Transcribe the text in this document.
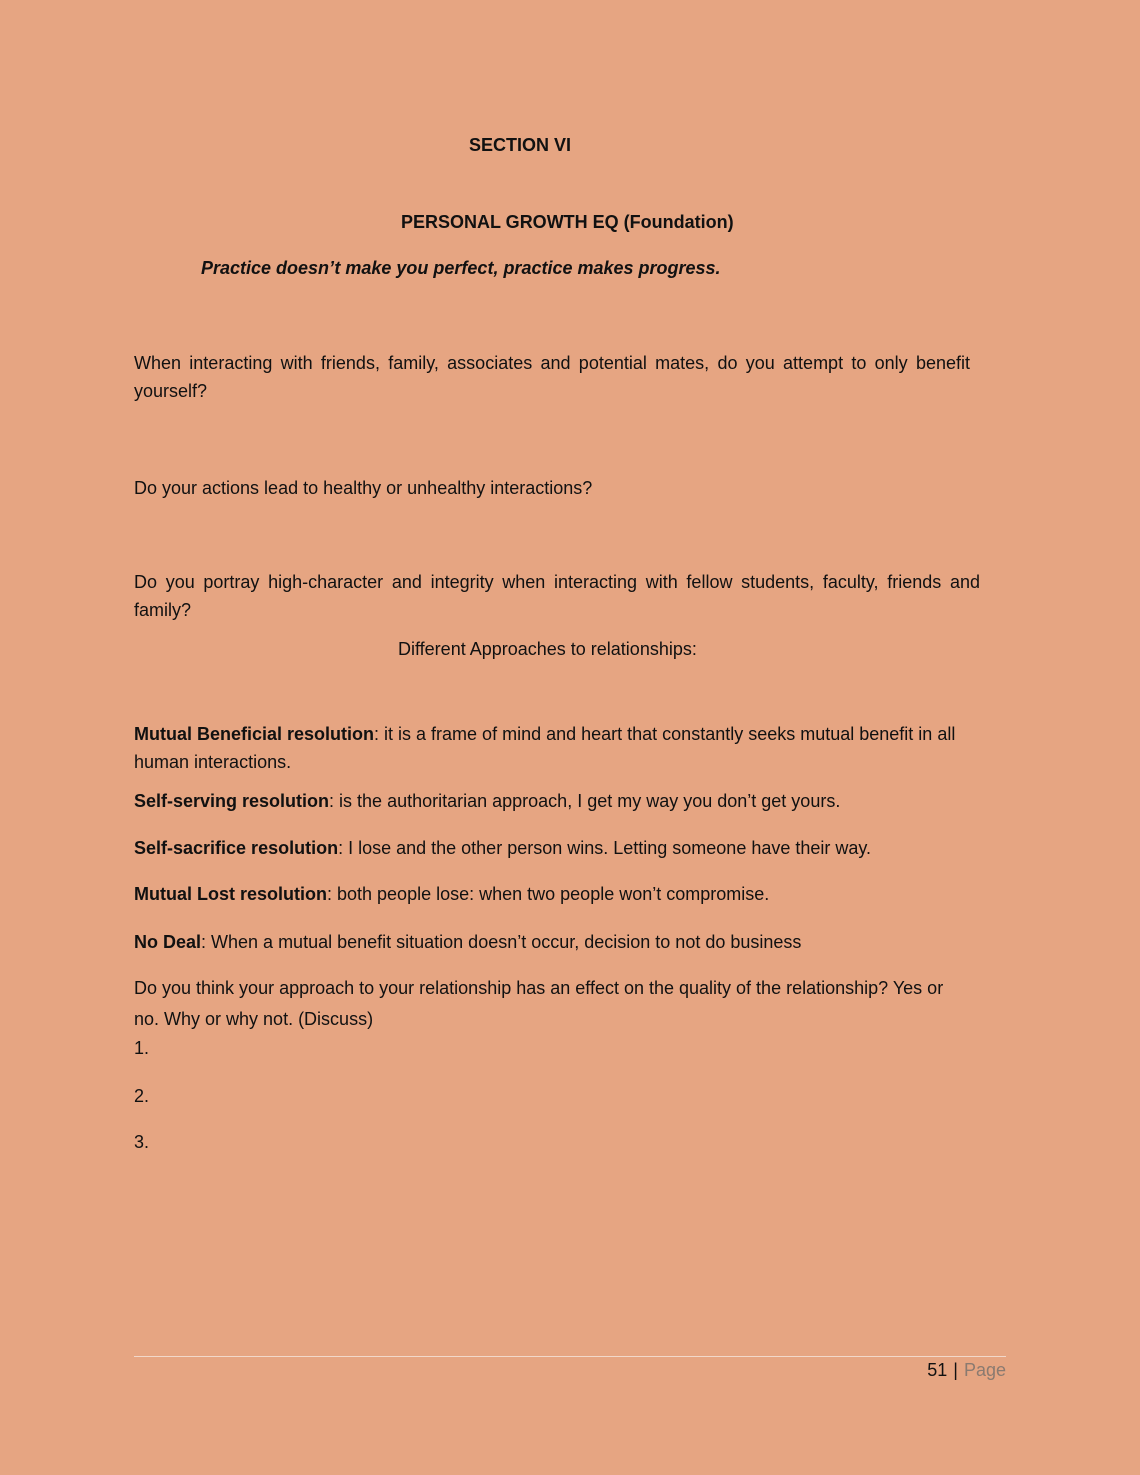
SECTION VI

PERSONAL GROWTH EQ (Foundation)

Practice doesn’t make you perfect, practice makes progress.

When interacting with friends, family, associates and potential mates, do you attempt to only benefit yourself?

Do your actions lead to healthy or unhealthy interactions?

Do you portray high-character and integrity when interacting with fellow students, faculty, friends and family?

Different Approaches to relationships:

Mutual Beneficial resolution: it is a frame of mind and heart that constantly seeks mutual benefit in all

human interactions.

Self-serving resolution: is the authoritarian approach, I get my way you don’t get yours.

Self-sacrifice resolution: I lose and the other person wins. Letting someone have their way.

Mutual Lost resolution: both people lose: when two people won’t compromise.

No Deal: When a mutual benefit situation doesn’t occur, decision to not do business

Do you think your approach to your relationship has an effect on the quality of the relationship? Yes or

no. Why or why not. (Discuss)

1.

2.

3.

51 | Page
